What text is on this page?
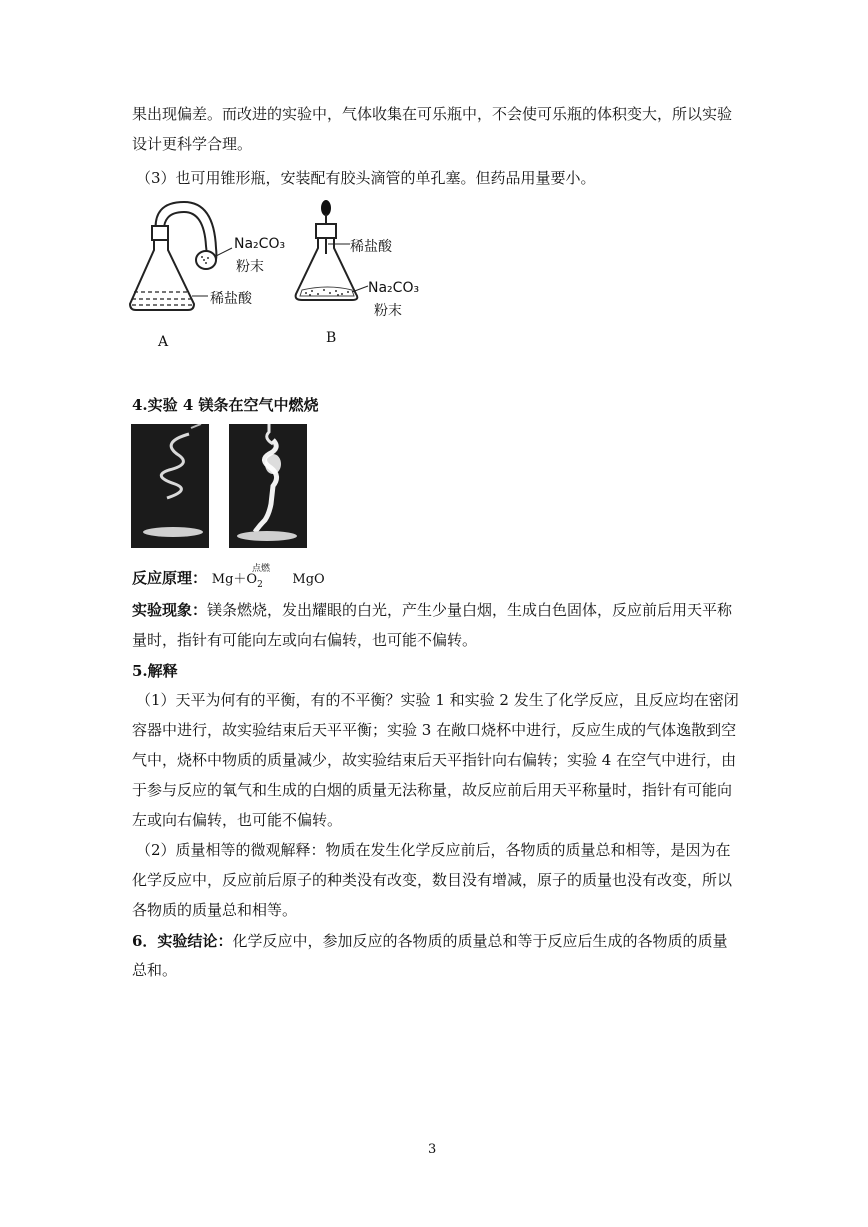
果出现偏差。而改进的实验中，气体收集在可乐瓶中，不会使可乐瓶的体积变大，所以实验
设计更科学合理。
（3）也可用锥形瓶，安装配有胶头滴管的单孔塞。但药品用量要小。
Na₂CO₃
粉末
稀盐酸
A
稀盐酸
Na₂CO₃
粉末
B
4.实验 4 镁条在空气中燃烧
反应原理： $Mg+O_2$ MgO
点燃
实验现象：镁条燃烧，发出耀眼的白光，产生少量白烟，生成白色固体，反应前后用天平称
量时，指针有可能向左或向右偏转，也可能不偏转。
5.解释
（1）天平为何有的平衡，有的不平衡？实验 1 和实验 2 发生了化学反应，且反应均在密闭
容器中进行，故实验结束后天平平衡；实验 3 在敞口烧杯中进行，反应生成的气体逸散到空
气中，烧杯中物质的质量减少，故实验结束后天平指针向右偏转；实验 4 在空气中进行，由
于参与反应的氧气和生成的白烟的质量无法称量，故反应前后用天平称量时，指针有可能向
左或向右偏转，也可能不偏转。
（2）质量相等的微观解释：物质在发生化学反应前后，各物质的质量总和相等，是因为在
化学反应中，反应前后原子的种类没有改变，数目没有增减，原子的质量也没有改变，所以
各物质的质量总和相等。
6．实验结论：化学反应中，参加反应的各物质的质量总和等于反应后生成的各物质的质量
总和。
3
